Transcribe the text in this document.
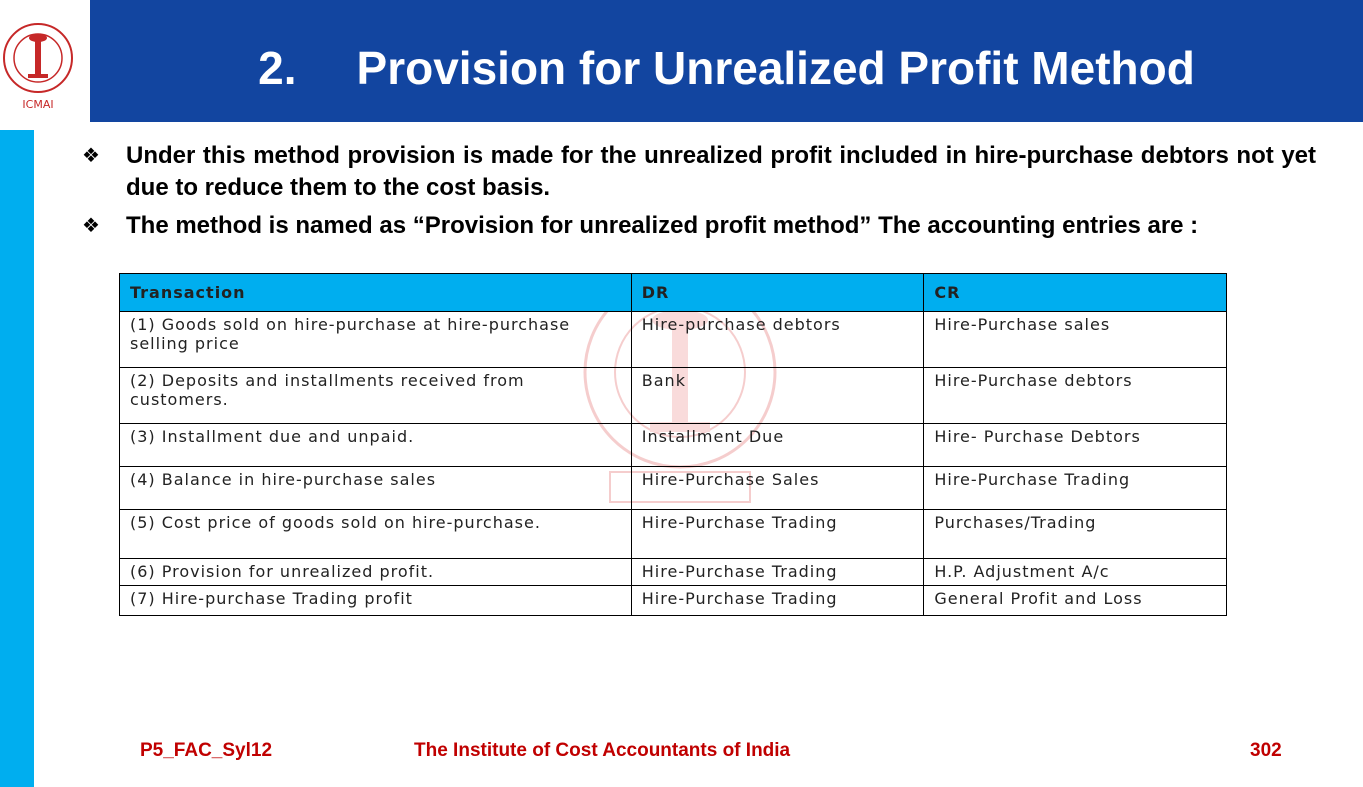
ICMAI
2. Provision for Unrealized Profit Method
❖	Under this method provision is made for the unrealized profit included in hire-purchase debtors not yet due to reduce them to the cost basis.
❖	The method is named as “Provision for unrealized profit method” The accounting entries are :
Transaction	DR	CR
(1) Goods sold on hire-purchase at hire-purchase selling price	Hire-purchase debtors	Hire-Purchase sales
(2) Deposits and installments received from customers.	Bank	Hire-Purchase debtors
(3) Installment due and unpaid.	Installment Due	Hire- Purchase Debtors
(4) Balance in hire-purchase sales	Hire-Purchase Sales	Hire-Purchase Trading
(5) Cost price of goods sold on hire-purchase.	Hire-Purchase Trading	Purchases/Trading
(6) Provision for unrealized profit.	Hire-Purchase Trading	H.P. Adjustment A/c
(7) Hire-purchase Trading profit	Hire-Purchase Trading	General Profit and Loss
P5_FAC_Syl12	The Institute of Cost Accountants of India	302
